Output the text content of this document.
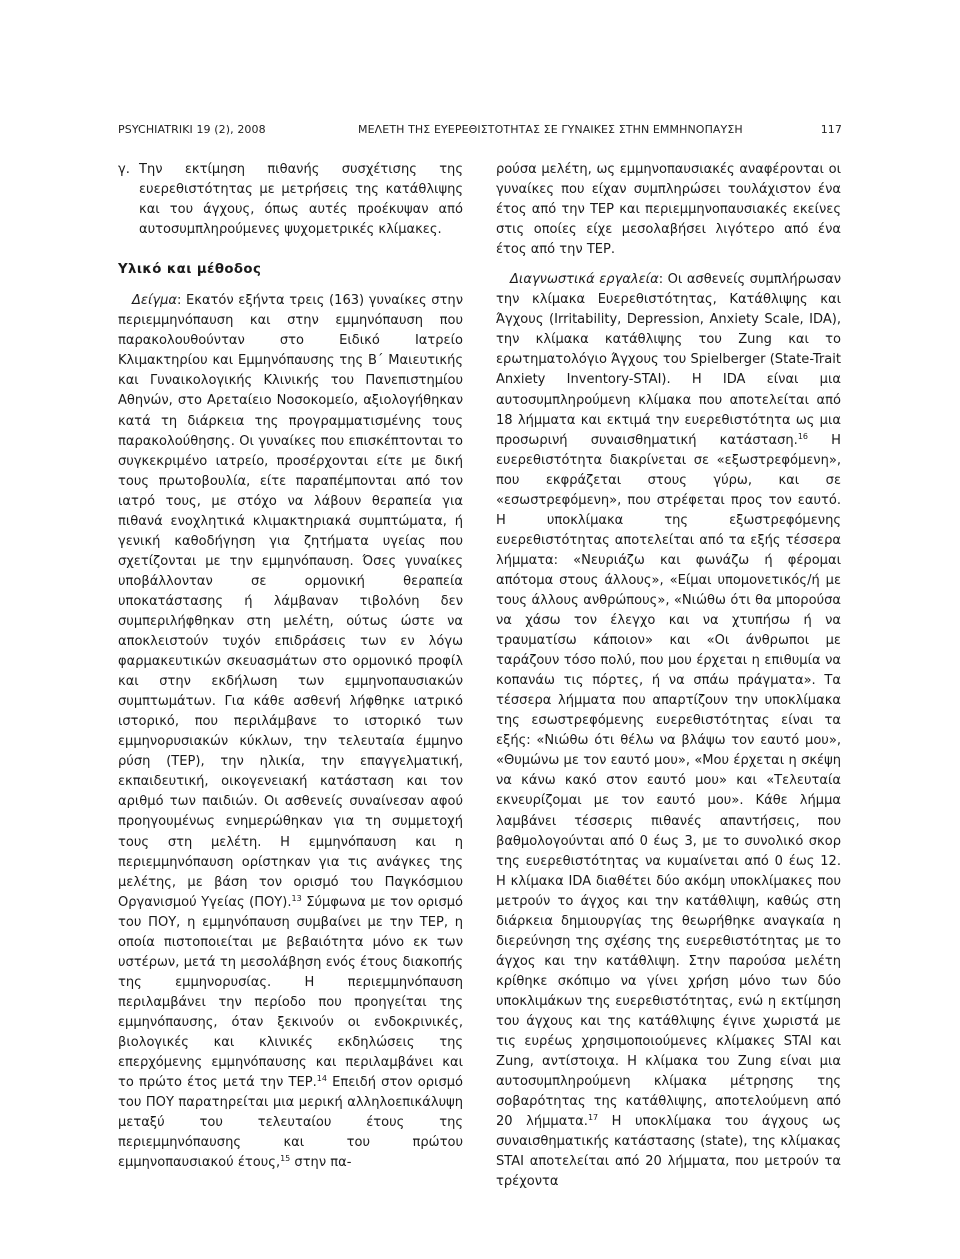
PSYCHIATRIKI 19 (2), 2008	ΜΕΛΕΤΗ ΤΗΣ ΕΥΕΡΕΘΙΣΤΟΤΗΤΑΣ ΣΕ ΓΥΝΑΙΚΕΣ ΣΤΗΝ ΕΜΜΗΝΟΠΑΥΣΗ	117

γ. Την εκτίμηση πιθανής συσχέτισης της ευερεθιστότητας με μετρήσεις της κατάθλιψης και του άγχους, όπως αυτές προέκυψαν από αυτοσυμπληρούμενες ψυχομετρικές κλίμακες.

Υλικό και μέθοδος

Δείγμα: Εκατόν εξήντα τρεις (163) γυναίκες στην περιεμμηνόπαυση και στην εμμηνόπαυση που παρακολουθούνταν στο Ειδικό Ιατρείο Κλιμακτηρίου και Εμμηνόπαυσης της Β΄ Μαιευτικής και Γυναικολογικής Κλινικής του Πανεπιστημίου Αθηνών, στο Αρεταίειο Νοσοκομείο, αξιολογήθηκαν κατά τη διάρκεια της προγραμματισμένης τους παρακολούθησης. Οι γυναίκες που επισκέπτονται το συγκεκριμένο ιατρείο, προσέρχονται είτε με δική τους πρωτοβουλία, είτε παραπέμπονται από τον ιατρό τους, με στόχο να λάβουν θεραπεία για πιθανά ενοχλητικά κλιμακτηριακά συμπτώματα, ή γενική καθοδήγηση για ζητήματα υγείας που σχετίζονται με την εμμηνόπαυση. Όσες γυναίκες υποβάλλονταν σε ορμονική θεραπεία υποκατάστασης ή λάμβαναν τιβολόνη δεν συμπεριλήφθηκαν στη μελέτη, ούτως ώστε να αποκλειστούν τυχόν επιδράσεις των εν λόγω φαρμακευτικών σκευασμάτων στο ορμονικό προφίλ και στην εκδήλωση των εμμηνοπαυσιακών συμπτωμάτων. Για κάθε ασθενή λήφθηκε ιατρικό ιστορικό, που περιλάμβανε το ιστορικό των εμμηνορυσιακών κύκλων, την τελευταία έμμηνο ρύση (ΤΕΡ), την ηλικία, την επαγγελματική, εκπαιδευτική, οικογενειακή κατάσταση και τον αριθμό των παιδιών. Οι ασθενείς συναίνεσαν αφού προηγουμένως ενημερώθηκαν για τη συμμετοχή τους στη μελέτη. Η εμμηνόπαυση και η περιεμμηνόπαυση ορίστηκαν για τις ανάγκες της μελέτης, με βάση τον ορισμό του Παγκόσμιου Οργανισμού Υγείας (ΠΟΥ).$^{13}$ Σύμφωνα με τον ορισμό του ΠΟΥ, η εμμηνόπαυση συμβαίνει με την ΤΕΡ, η οποία πιστοποιείται με βεβαιότητα μόνο εκ των υστέρων, μετά τη μεσολάβηση ενός έτους διακοπής της εμμηνορυσίας. Η περιεμμηνόπαυση περιλαμβάνει την περίοδο που προηγείται της εμμηνόπαυσης, όταν ξεκινούν οι ενδοκρινικές, βιολογικές και κλινικές εκδηλώσεις της επερχόμενης εμμηνόπαυσης και περιλαμβάνει και το πρώτο έτος μετά την ΤΕΡ.$^{14}$ Επειδή στον ορισμό του ΠΟΥ παρατηρείται μια μερική αλληλοεπικάλυψη μεταξύ του τελευταίου έτους της περιεμμηνόπαυσης και του πρώτου εμμηνοπαυσιακού έτους,$^{15}$ στην πα-

ρούσα μελέτη, ως εμμηνοπαυσιακές αναφέρονται οι γυναίκες που είχαν συμπληρώσει τουλάχιστον ένα έτος από την ΤΕΡ και περιεμμηνοπαυσιακές εκείνες στις οποίες είχε μεσολαβήσει λιγότερο από ένα έτος από την ΤΕΡ.

Διαγνωστικά εργαλεία: Οι ασθενείς συμπλήρωσαν την κλίμακα Ευερεθιστότητας, Κατάθλιψης και Άγχους (Irritability, Depression, Anxiety Scale, IDA), την κλίμακα κατάθλιψης του Zung και το ερωτηματολόγιο Άγχους του Spielberger (State-Trait Anxiety Inventory-STAI). Η IDA είναι μια αυτοσυμπληρούμενη κλίμακα που αποτελείται από 18 λήμματα και εκτιμά την ευερεθιστότητα ως μια προσωρινή συναισθηματική κατάσταση.$^{16}$ Η ευερεθιστότητα διακρίνεται σε «εξωστρεφόμενη», που εκφράζεται στους γύρω, και σε «εσωστρεφόμενη», που στρέφεται προς τον εαυτό. Η υποκλίμακα της εξωστρεφόμενης ευερεθιστότητας αποτελείται από τα εξής τέσσερα λήμματα: «Νευριάζω και φωνάζω ή φέρομαι απότομα στους άλλους», «Είμαι υπομονετικός/ή με τους άλλους ανθρώπους», «Νιώθω ότι θα μπορούσα να χάσω τον έλεγχο και να χτυπήσω ή να τραυματίσω κάποιον» και «Οι άνθρωποι με ταράζουν τόσο πολύ, που μου έρχεται η επιθυμία να κοπανάω τις πόρτες, ή να σπάω πράγματα». Τα τέσσερα λήμματα που απαρτίζουν την υποκλίμακα της εσωστρεφόμενης ευερεθιστότητας είναι τα εξής: «Νιώθω ότι θέλω να βλάψω τον εαυτό μου», «Θυμώνω με τον εαυτό μου», «Μου έρχεται η σκέψη να κάνω κακό στον εαυτό μου» και «Τελευταία εκνευρίζομαι με τον εαυτό μου». Κάθε λήμμα λαμβάνει τέσσερις πιθανές απαντήσεις, που βαθμολογούνται από 0 έως 3, με το συνολικό σκορ της ευερεθιστότητας να κυμαίνεται από 0 έως 12. Η κλίμακα IDA διαθέτει δύο ακόμη υποκλίμακες που μετρούν το άγχος και την κατάθλιψη, καθώς στη διάρκεια δημιουργίας της θεωρήθηκε αναγκαία η διερεύνηση της σχέσης της ευερεθιστότητας με το άγχος και την κατάθλιψη. Στην παρούσα μελέτη κρίθηκε σκόπιμο να γίνει χρήση μόνο των δύο υποκλιμάκων της ευερεθιστότητας, ενώ η εκτίμηση του άγχους και της κατάθλιψης έγινε χωριστά με τις ευρέως χρησιμοποιούμενες κλίμακες STAI και Zung, αντίστοιχα. Η κλίμακα του Zung είναι μια αυτοσυμπληρούμενη κλίμακα μέτρησης της σοβαρότητας της κατάθλιψης, αποτελούμενη από 20 λήμματα.$^{17}$ Η υποκλίμακα του άγχους ως συναισθηματικής κατάστασης (state), της κλίμακας STAI αποτελείται από 20 λήμματα, που μετρούν τα τρέχοντα
